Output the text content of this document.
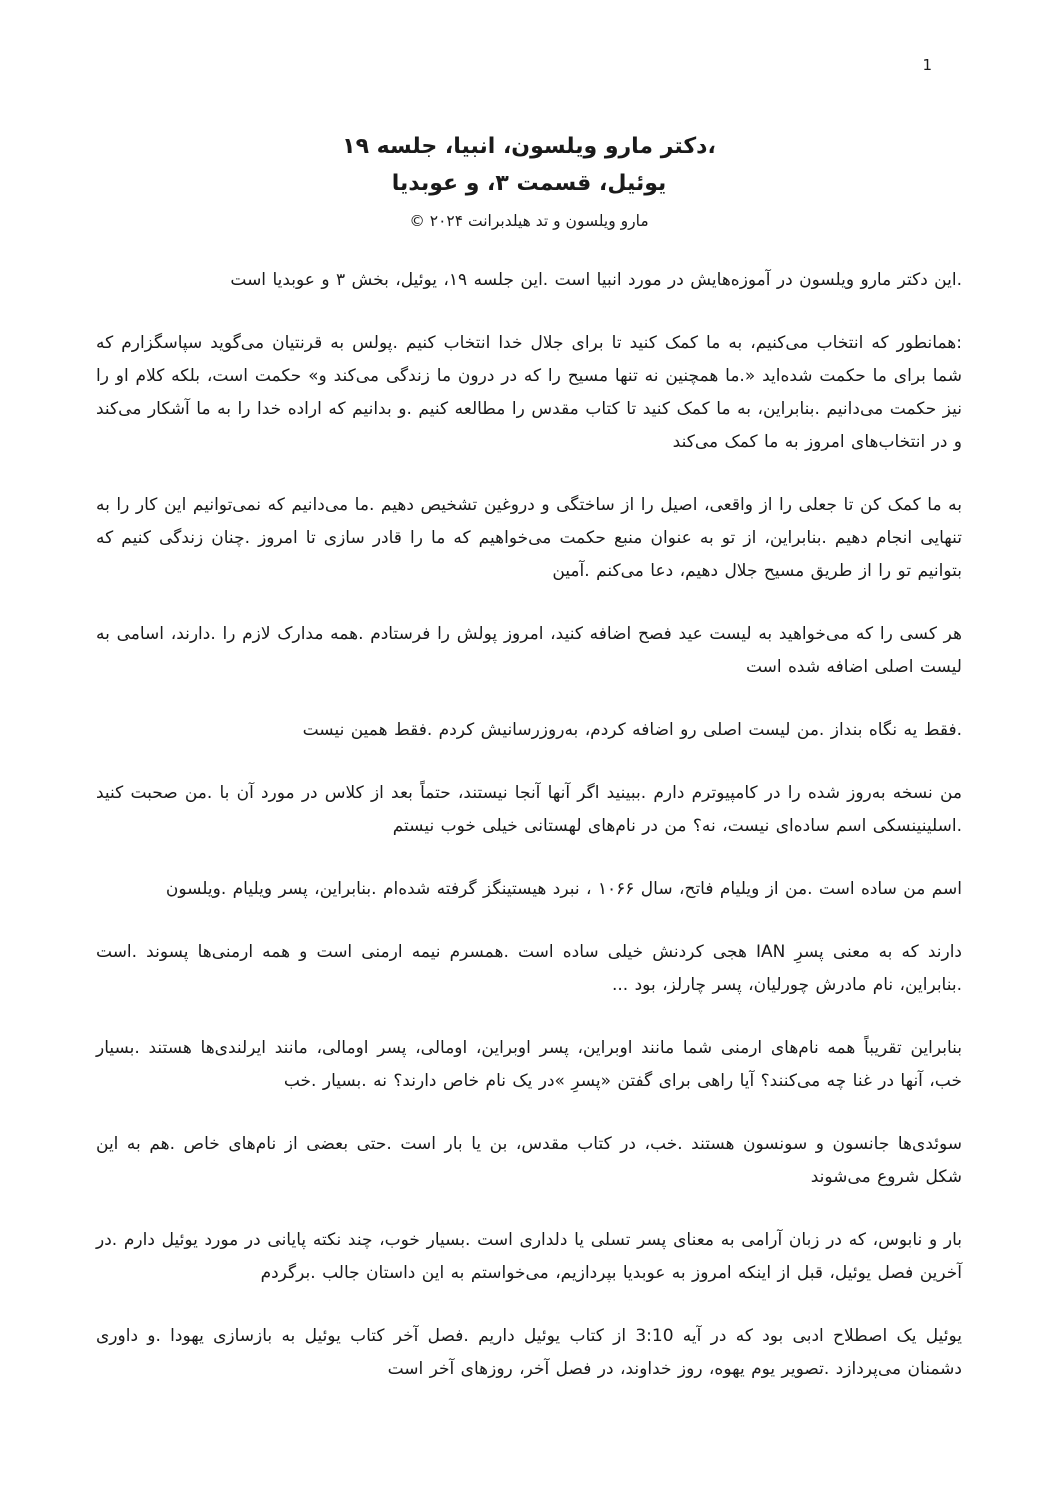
1
،دکتر مارو ویلسون، انبیا، جلسه ۱۹
یوئیل، قسمت ۳، و عوبدیا
مارو ویلسون و تد هیلدبرانت ۲۰۲۴ ©

.این دکتر مارو ویلسون در آموزه‌هایش در مورد انبیا است .این جلسه ۱۹، یوئیل، بخش ۳ و عوبدیا است

:همانطور که انتخاب می‌کنیم، به ما کمک کنید تا برای جلال خدا انتخاب کنیم .پولس به قرنتیان می‌گوید سپاسگزارم که شما برای ما حکمت شده‌اید «.ما همچنین نه تنها مسیح را که در درون ما زندگی می‌کند و» حکمت است، بلکه کلام او را نیز حکمت می‌دانیم .بنابراین، به ما کمک کنید تا کتاب مقدس را مطالعه کنیم .و بدانیم که اراده خدا را به ما آشکار می‌کند و در انتخاب‌های امروز به ما کمک می‌کند

به ما کمک کن تا جعلی را از واقعی، اصیل را از ساختگی و دروغین تشخیص دهیم .ما می‌دانیم که نمی‌توانیم این کار را به تنهایی انجام دهیم .بنابراین، از تو به عنوان منبع حکمت می‌خواهیم که ما را قادر سازی تا امروز .چنان زندگی کنیم که بتوانیم تو را از طریق مسیح جلال دهیم، دعا می‌کنم .آمین

هر کسی را که می‌خواهید به لیست عید فصح اضافه کنید، امروز پولش را فرستادم .همه مدارک لازم را .دارند، اسامی به لیست اصلی اضافه شده است

.فقط یه نگاه بنداز .من لیست اصلی رو اضافه کردم، به‌روزرسانیش کردم .فقط همین نیست

من نسخه به‌روز شده را در کامپیوترم دارم .ببینید اگر آنها آنجا نیستند، حتماً بعد از کلاس در مورد آن با .من صحبت کنید .اسلینینسکی اسم ساده‌ای نیست، نه؟ من در نام‌های لهستانی خیلی خوب نیستم

اسم من ساده است .من از ویلیام فاتح، سال ۱۰۶۶ ، نبرد هیستینگز گرفته شده‌ام .بنابراین، پسر ویلیام .ویلسون

دارند که به معنی پسرِ IAN هجی کردنش خیلی ساده است .همسرم نیمه ارمنی است و همه ارمنی‌ها پسوند .است .بنابراین، نام مادرش چورلیان، پسر چارلز، بود ...

بنابراین تقریباً همه نام‌های ارمنی شما مانند اوبراین، پسر اوبراین، اومالی، پسر اومالی، مانند ایرلندی‌ها هستند .بسیار خب، آنها در غنا چه می‌کنند؟ آیا راهی برای گفتن «پسرِ »در یک نام خاص دارند؟ نه .بسیار .خب

سوئدی‌ها جانسون و سونسون هستند .خب، در کتاب مقدس، بن یا بار است .حتی بعضی از نام‌های خاص .هم به این شکل شروع می‌شوند

بار و نابوس، که در زبان آرامی به معنای پسر تسلی یا دلداری است .بسیار خوب، چند نکته پایانی در مورد یوئیل دارم .در آخرین فصل یوئیل، قبل از اینکه امروز به عوبدیا بپردازیم، می‌خواستم به این داستان جالب .برگردم

یوئیل یک اصطلاح ادبی بود که در آیه 3:10 از کتاب یوئیل داریم .فصل آخر کتاب یوئیل به بازسازی یهودا .و داوری دشمنان می‌پردازد .تصویر یوم یهوه، روز خداوند، در فصل آخر، روزهای آخر است
